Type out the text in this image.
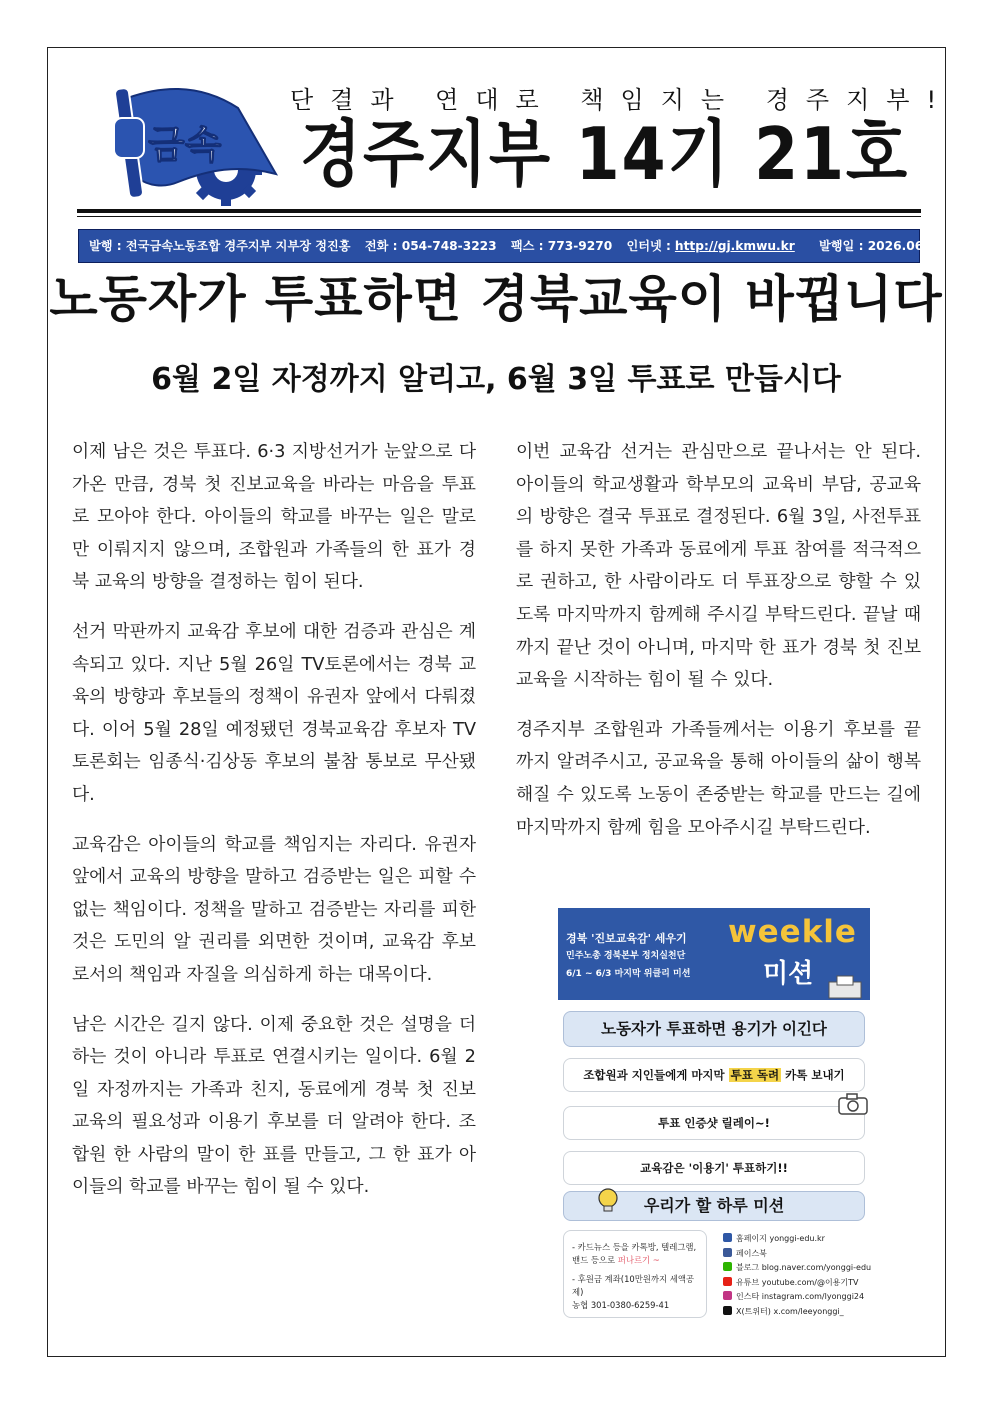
금속
단결과 연대로 책임지는 경주지부!
경주지부 14기 21호
발행 : 전국금속노동조합 경주지부 지부장 정진홍 전화 : 054-748-3223 팩스 : 773-9270 인터넷 : http://gj.kmwu.kr 발행일 : 2026.06.01.(월)
노동자가 투표하면 경북교육이 바뀝니다
6월 2일 자정까지 알리고, 6월 3일 투표로 만듭시다

이제 남은 것은 투표다. 6·3 지방선거가 눈앞으로 다가온 만큼, 경북 첫 진보교육을 바라는 마음을 투표로 모아야 한다. 아이들의 학교를 바꾸는 일은 말로만 이뤄지지 않으며, 조합원과 가족들의 한 표가 경북 교육의 방향을 결정하는 힘이 된다.

선거 막판까지 교육감 후보에 대한 검증과 관심은 계속되고 있다. 지난 5월 26일 TV토론에서는 경북 교육의 방향과 후보들의 정책이 유권자 앞에서 다뤄졌다. 이어 5월 28일 예정됐던 경북교육감 후보자 TV토론회는 임종식·김상동 후보의 불참 통보로 무산됐다.

교육감은 아이들의 학교를 책임지는 자리다. 유권자 앞에서 교육의 방향을 말하고 검증받는 일은 피할 수 없는 책임이다. 정책을 말하고 검증받는 자리를 피한 것은 도민의 알 권리를 외면한 것이며, 교육감 후보로서의 책임과 자질을 의심하게 하는 대목이다.

남은 시간은 길지 않다. 이제 중요한 것은 설명을 더하는 것이 아니라 투표로 연결시키는 일이다. 6월 2일 자정까지는 가족과 친지, 동료에게 경북 첫 진보 교육의 필요성과 이용기 후보를 더 알려야 한다. 조합원 한 사람의 말이 한 표를 만들고, 그 한 표가 아이들의 학교를 바꾸는 힘이 될 수 있다.

이번 교육감 선거는 관심만으로 끝나서는 안 된다. 아이들의 학교생활과 학부모의 교육비 부담, 공교육의 방향은 결국 투표로 결정된다. 6월 3일, 사전투표를 하지 못한 가족과 동료에게 투표 참여를 적극적으로 권하고, 한 사람이라도 더 투표장으로 향할 수 있도록 마지막까지 함께해 주시길 부탁드린다. 끝날 때까지 끝난 것이 아니며, 마지막 한 표가 경북 첫 진보교육을 시작하는 힘이 될 수 있다.

경주지부 조합원과 가족들께서는 이용기 후보를 끝까지 알려주시고, 공교육을 통해 아이들의 삶이 행복해질 수 있도록 노동이 존중받는 학교를 만드는 길에 마지막까지 함께 힘을 모아주시길 부탁드린다.

경북 '진보교육감' 세우기
민주노총 경북본부 정치실천단
6/1 ~ 6/3 마지막 위클리 미션
weekle
미션
노동자가 투표하면 용기가 이긴다
조합원과 지인들에게 마지막 투표 독려 카톡 보내기
투표 인증샷 릴레이~!
교육감은 '이용기' 투표하기!!
우리가 할 하루 미션
- 카드뉴스 등을 카톡방, 텔레그램,
밴드 등으로 퍼나르기 ~
- 후원금 계좌(10만원까지 세액공제)
농협 301-0380-6259-41
홈페이지 yonggi-edu.kr
페이스북
블로그 blog.naver.com/yonggi-edu
유튜브 youtube.com/@이용기TV
인스타 instagram.com/lyonggi24
X(트위터) x.com/leeyonggi_
